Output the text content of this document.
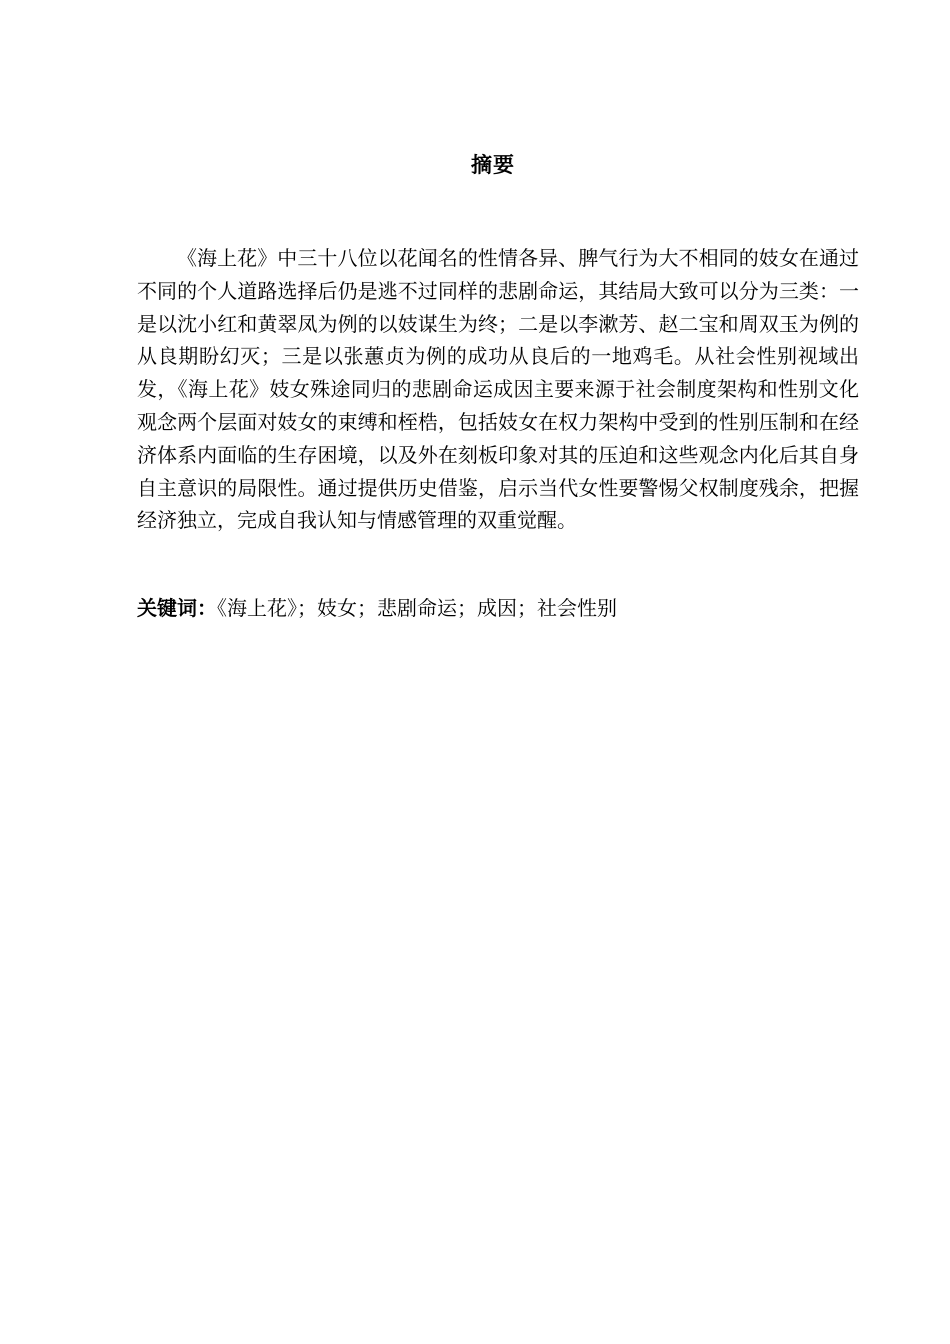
摘要

《海上花》中三十八位以花闻名的性情各异、脾气行为大不相同的妓女在通过不同的个人道路选择后仍是逃不过同样的悲剧命运，其结局大致可以分为三类：一是以沈小红和黄翠凤为例的以妓谋生为终；二是以李漱芳、赵二宝和周双玉为例的从良期盼幻灭；三是以张蕙贞为例的成功从良后的一地鸡毛。从社会性别视域出发，《海上花》妓女殊途同归的悲剧命运成因主要来源于社会制度架构和性别文化观念两个层面对妓女的束缚和桎梏，包括妓女在权力架构中受到的性别压制和在经济体系内面临的生存困境，以及外在刻板印象对其的压迫和这些观念内化后其自身自主意识的局限性。通过提供历史借鉴，启示当代女性要警惕父权制度残余，把握经济独立，完成自我认知与情感管理的双重觉醒。

关键词：《海上花》；妓女；悲剧命运；成因；社会性别
